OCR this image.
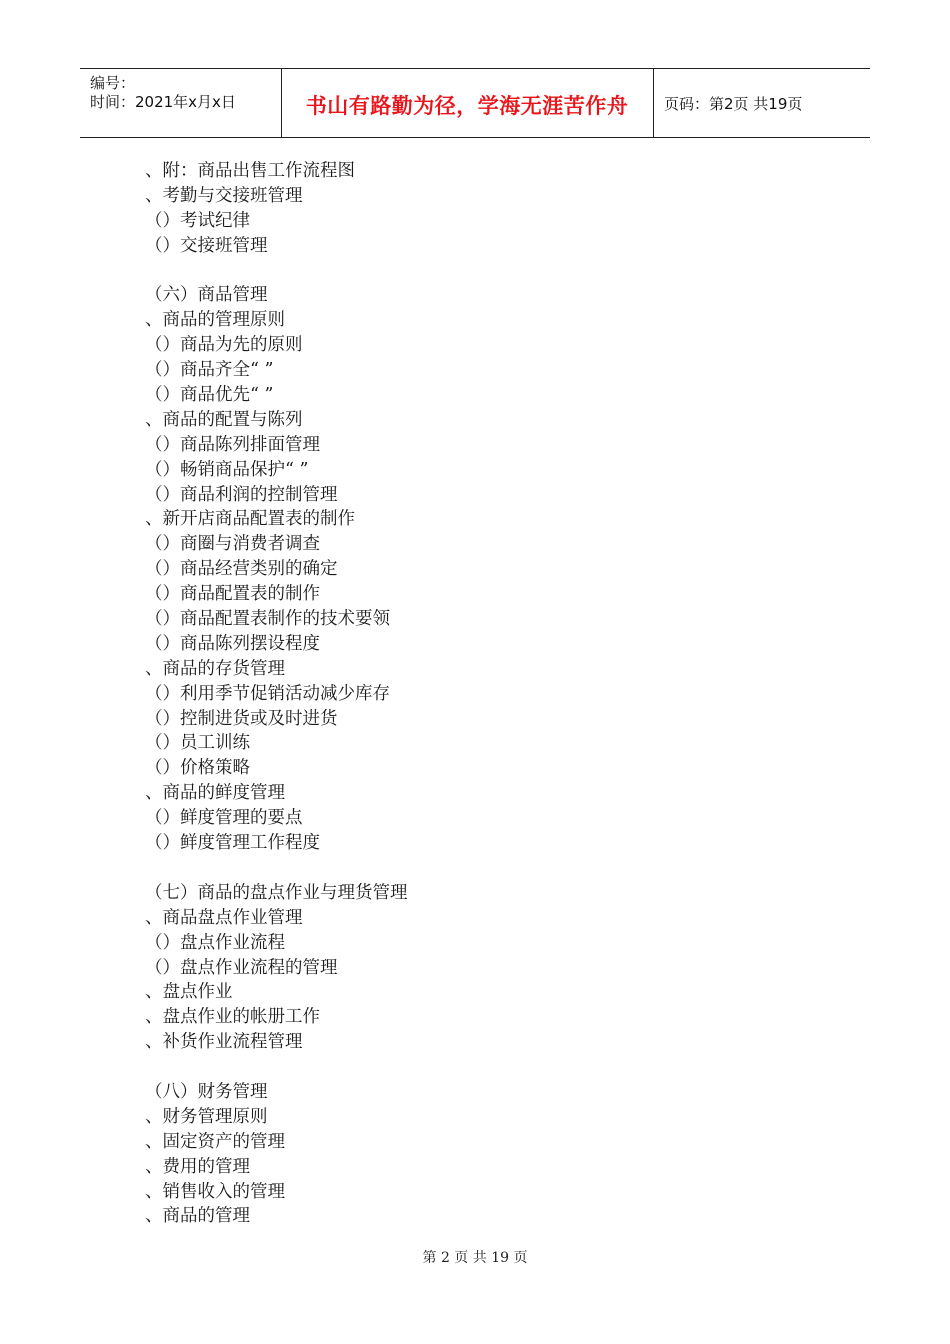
编号：
时间：2021年x月x日	书山有路勤为径，学海无涯苦作舟	页码：第2页 共19页
、附：商品出售工作流程图
、考勤与交接班管理
（）考试纪律
（）交接班管理
（六）商品管理
、商品的管理原则
（）商品为先的原则
（）商品齐全“ ”
（）商品优先“ ”
、商品的配置与陈列
（）商品陈列排面管理
（）畅销商品保护“ ”
（）商品利润的控制管理
、新开店商品配置表的制作
（）商圈与消费者调查
（）商品经营类别的确定
（）商品配置表的制作
（）商品配置表制作的技术要领
（）商品陈列摆设程度
、商品的存货管理
（）利用季节促销活动减少库存
（）控制进货或及时进货
（）员工训练
（）价格策略
、商品的鲜度管理
（）鲜度管理的要点
（）鲜度管理工作程度
（七）商品的盘点作业与理货管理
、商品盘点作业管理
（）盘点作业流程
（）盘点作业流程的管理
、盘点作业
、盘点作业的帐册工作
、补货作业流程管理
（八）财务管理
、财务管理原则
、固定资产的管理
、费用的管理
、销售收入的管理
、商品的管理
第 2 页 共 19 页
